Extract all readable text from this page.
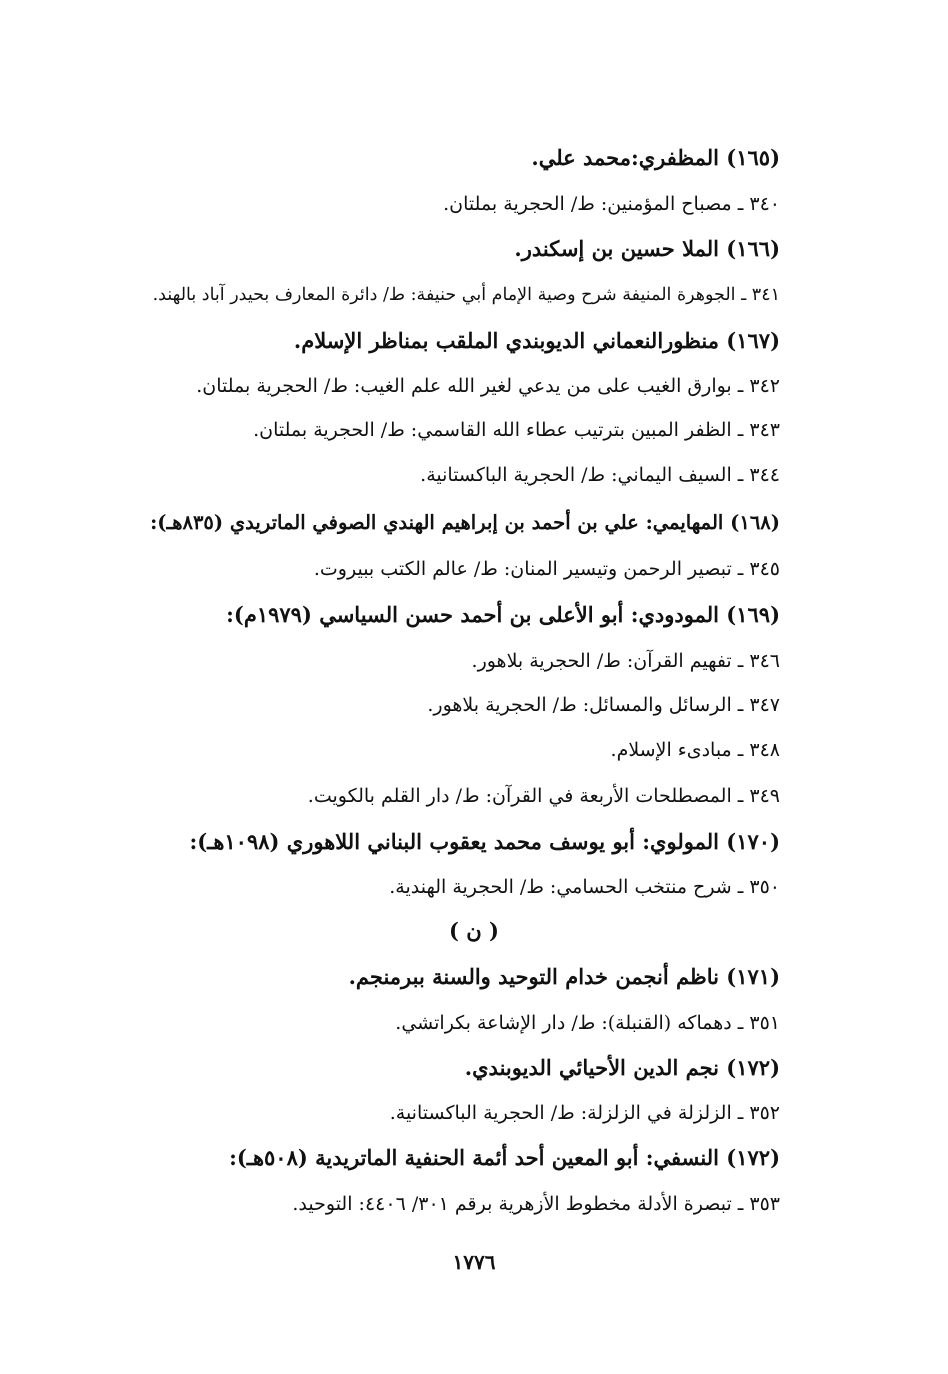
(١٦٥) المظفري:محمد علي.
٣٤٠ ـ مصباح المؤمنين: ط/ الحجرية بملتان.
(١٦٦) الملا حسين بن إسكندر.
٣٤١ ـ الجوهرة المنيفة شرح وصية الإمام أبي حنيفة: ط/ دائرة المعارف بحيدر آباد بالهند.
(١٦٧) منظورالنعماني الديوبندي الملقب بمناظر الإسلام.
٣٤٢ ـ بوارق الغيب على من يدعي لغير الله علم الغيب: ط/ الحجرية بملتان.
٣٤٣ ـ الظفر المبين بترتيب عطاء الله القاسمي: ط/ الحجرية بملتان.
٣٤٤ ـ السيف اليماني: ط/ الحجرية الباكستانية.
(١٦٨) المهايمي: علي بن أحمد بن إبراهيم الهندي الصوفي الماتريدي (٨٣٥هـ):
٣٤٥ ـ تبصير الرحمن وتيسير المنان: ط/ عالم الكتب ببيروت.
(١٦٩) المودودي: أبو الأعلى بن أحمد حسن السياسي (١٩٧٩م):
٣٤٦ ـ تفهيم القرآن: ط/ الحجرية بلاهور.
٣٤٧ ـ الرسائل والمسائل: ط/ الحجرية بلاهور.
٣٤٨ ـ مبادىء الإسلام.
٣٤٩ ـ المصطلحات الأربعة في القرآن: ط/ دار القلم بالكويت.
(١٧٠) المولوي: أبو يوسف محمد يعقوب البناني اللاهوري (١٠٩٨هـ):
٣٥٠ ـ شرح منتخب الحسامي: ط/ الحجرية الهندية.
( ن )
(١٧١) ناظم أنجمن خدام التوحيد والسنة ببرمنجم.
٣٥١ ـ دهماكه (القنبلة): ط/ دار الإشاعة بكراتشي.
(١٧٢) نجم الدين الأحيائي الديوبندي.
٣٥٢ ـ الزلزلة في الزلزلة: ط/ الحجرية الباكستانية.
(١٧٢) النسفي: أبو المعين أحد أئمة الحنفية الماتريدية (٥٠٨هـ):
٣٥٣ ـ تبصرة الأدلة مخطوط الأزهرية برقم ٣٠١/ ٤٤٠٦: التوحيد.
١٧٧٦
